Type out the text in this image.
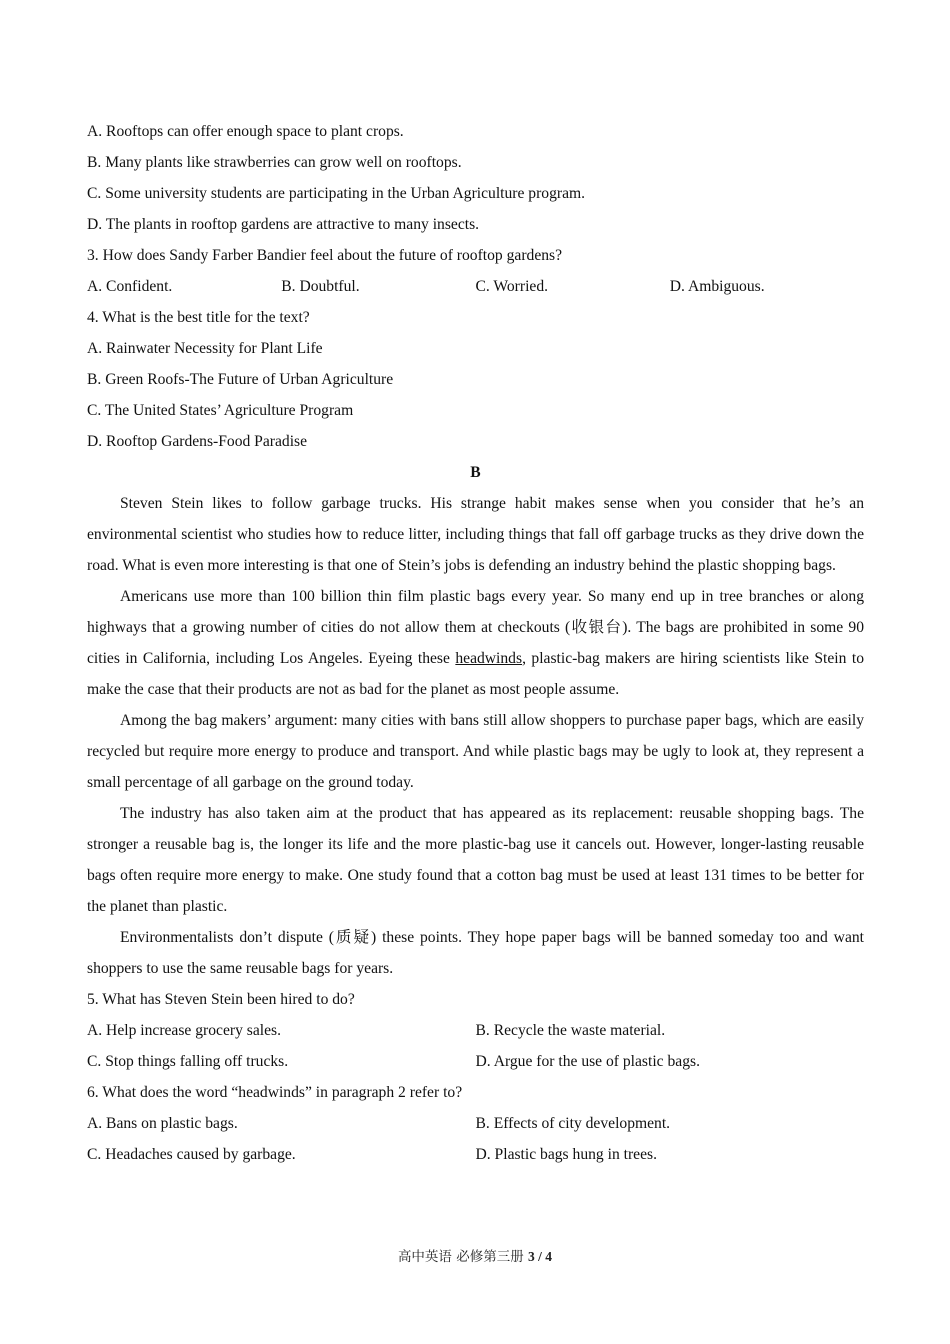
A. Rooftops can offer enough space to plant crops.
B. Many plants like strawberries can grow well on rooftops.
C. Some university students are participating in the Urban Agriculture program.
D. The plants in rooftop gardens are attractive to many insects.
3. How does Sandy Farber Bandier feel about the future of rooftop gardens?
A. Confident.	B. Doubtful.	C. Worried.	D. Ambiguous.
4. What is the best title for the text?
A. Rainwater Necessity for Plant Life
B. Green Roofs-The Future of Urban Agriculture
C. The United States’ Agriculture Program
D. Rooftop Gardens-Food Paradise
B
Steven Stein likes to follow garbage trucks. His strange habit makes sense when you consider that he’s an environmental scientist who studies how to reduce litter, including things that fall off garbage trucks as they drive down the road. What is even more interesting is that one of Stein’s jobs is defending an industry behind the plastic shopping bags.
Americans use more than 100 billion thin film plastic bags every year. So many end up in tree branches or along highways that a growing number of cities do not allow them at checkouts (收银台). The bags are prohibited in some 90 cities in California, including Los Angeles. Eyeing these headwinds, plastic-bag makers are hiring scientists like Stein to make the case that their products are not as bad for the planet as most people assume.
Among the bag makers’ argument: many cities with bans still allow shoppers to purchase paper bags, which are easily recycled but require more energy to produce and transport. And while plastic bags may be ugly to look at, they represent a small percentage of all garbage on the ground today.
The industry has also taken aim at the product that has appeared as its replacement: reusable shopping bags. The stronger a reusable bag is, the longer its life and the more plastic-bag use it cancels out. However, longer-lasting reusable bags often require more energy to make. One study found that a cotton bag must be used at least 131 times to be better for the planet than plastic.
Environmentalists don’t dispute (质疑) these points. They hope paper bags will be banned someday too and want shoppers to use the same reusable bags for years.
5. What has Steven Stein been hired to do?
A. Help increase grocery sales.	B. Recycle the waste material.
C. Stop things falling off trucks.	D. Argue for the use of plastic bags.
6. What does the word “headwinds” in paragraph 2 refer to?
A. Bans on plastic bags.	B. Effects of city development.
C. Headaches caused by garbage.	D. Plastic bags hung in trees.
高中英语 必修第三册 3 / 4
